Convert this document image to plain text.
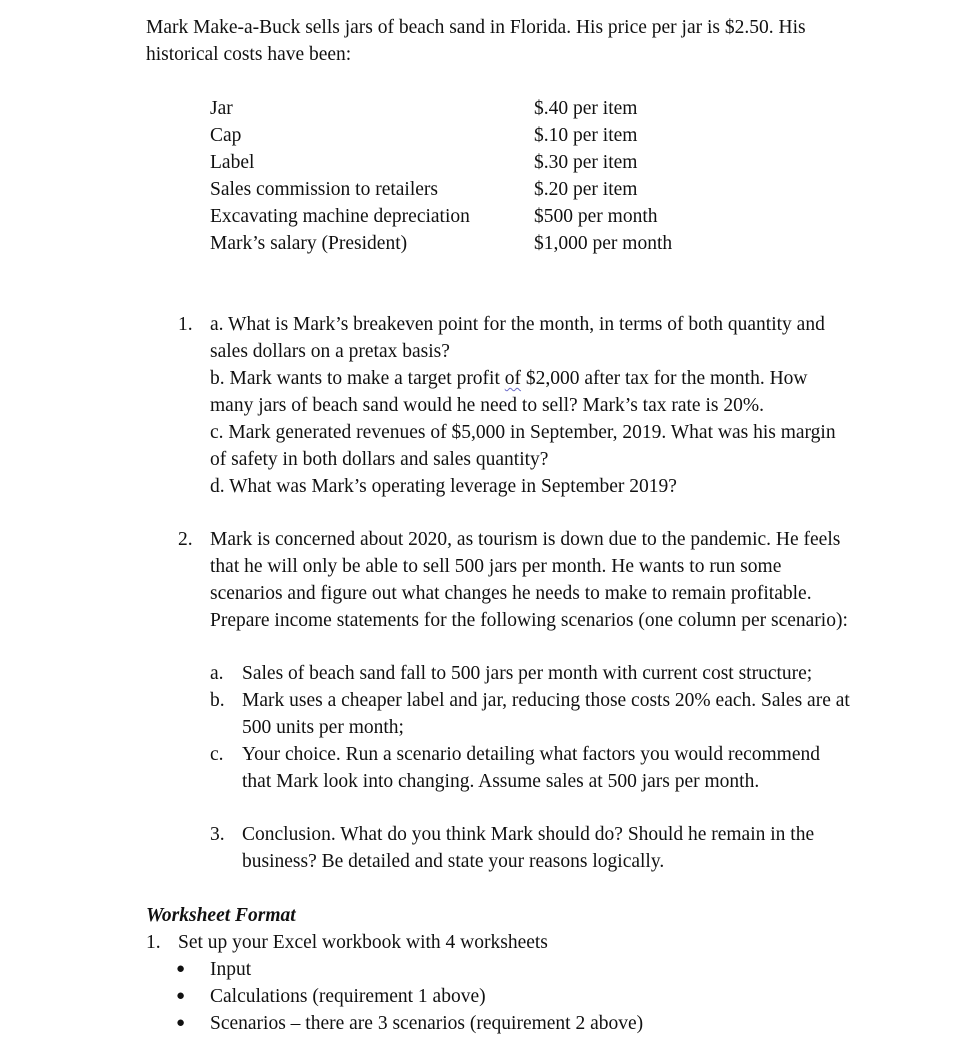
Mark Make-a-Buck sells jars of beach sand in Florida. His price per jar is $2.50. His
historical costs have been:
Jar	$.40 per item
Cap	$.10 per item
Label	$.30 per item
Sales commission to retailers	$.20 per item
Excavating machine depreciation	$500 per month
Mark’s salary (President)	$1,000 per month
1. a. What is Mark’s breakeven point for the month, in terms of both quantity and
sales dollars on a pretax basis?
b. Mark wants to make a target profit of $2,000 after tax for the month. How
many jars of beach sand would he need to sell? Mark’s tax rate is 20%.
c. Mark generated revenues of $5,000 in September, 2019. What was his margin
of safety in both dollars and sales quantity?
d. What was Mark’s operating leverage in September 2019?
2. Mark is concerned about 2020, as tourism is down due to the pandemic. He feels
that he will only be able to sell 500 jars per month. He wants to run some
scenarios and figure out what changes he needs to make to remain profitable.
Prepare income statements for the following scenarios (one column per scenario):
a. Sales of beach sand fall to 500 jars per month with current cost structure;
b. Mark uses a cheaper label and jar, reducing those costs 20% each. Sales are at
500 units per month;
c. Your choice. Run a scenario detailing what factors you would recommend
that Mark look into changing. Assume sales at 500 jars per month.
3. Conclusion. What do you think Mark should do? Should he remain in the
business? Be detailed and state your reasons logically.
Worksheet Format
1. Set up your Excel workbook with 4 worksheets
●	Input
●	Calculations (requirement 1 above)
●	Scenarios – there are 3 scenarios (requirement 2 above)
